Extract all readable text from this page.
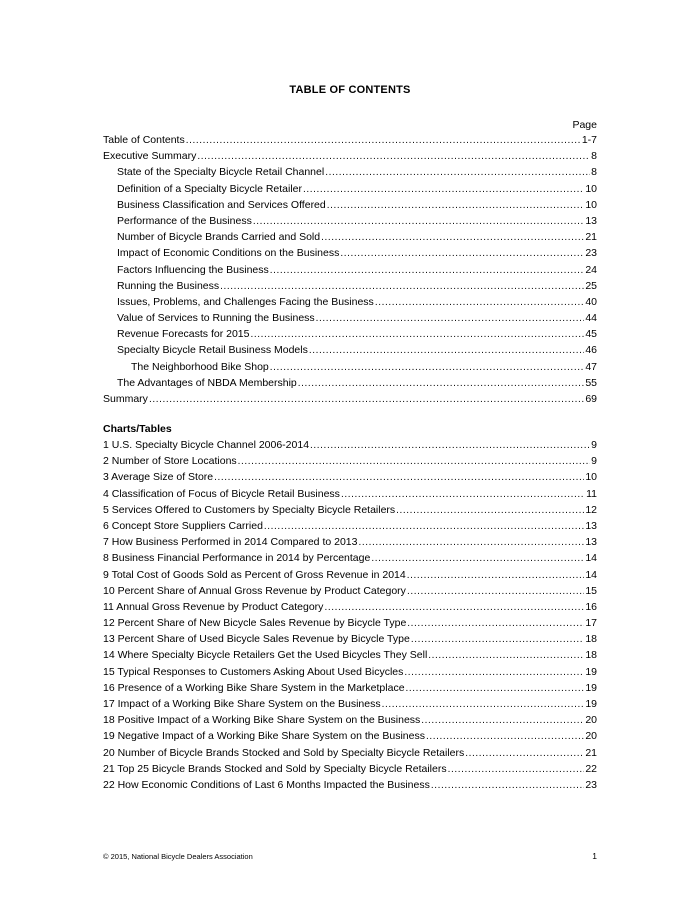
TABLE OF CONTENTS
Page
Table of Contents .....	1-7
Executive Summary .....	8
State of the Specialty Bicycle Retail Channel .....	8
Definition of a Specialty Bicycle Retailer .....	10
Business Classification and Services Offered .....	10
Performance of the Business .....	13
Number of Bicycle Brands Carried and Sold .....	21
Impact of Economic Conditions on the Business .....	23
Factors Influencing the Business .....	24
Running the Business .....	25
Issues, Problems, and Challenges Facing the Business .....	40
Value of Services to Running the Business .....	44
Revenue Forecasts for 2015 .....	45
Specialty Bicycle Retail Business Models .....	46
The Neighborhood Bike Shop .....	47
The Advantages of NBDA Membership .....	55
Summary .....	69
Charts/Tables
1 U.S. Specialty Bicycle Channel 2006-2014 .....	9
2 Number of Store Locations .....	9
3 Average Size of Store .....	10
4 Classification of Focus of Bicycle Retail Business .....	11
5 Services Offered to Customers by Specialty Bicycle Retailers .....	12
6 Concept Store Suppliers Carried .....	13
7 How Business Performed in 2014 Compared to 2013 .....	13
8 Business Financial Performance in 2014 by Percentage .....	14
9 Total Cost of Goods Sold as Percent of Gross Revenue in 2014 .....	14
10 Percent Share of Annual Gross Revenue by Product Category .....	15
11 Annual Gross Revenue by Product Category .....	16
12 Percent Share of New Bicycle Sales Revenue by Bicycle Type .....	17
13 Percent Share of Used Bicycle Sales Revenue by Bicycle Type .....	18
14 Where Specialty Bicycle Retailers Get the Used Bicycles They Sell .....	18
15 Typical Responses to Customers Asking About Used Bicycles .....	19
16 Presence of a Working Bike Share System in the Marketplace .....	19
17 Impact of a Working Bike Share System on the Business .....	19
18 Positive Impact of a Working Bike Share System on the Business .....	20
19 Negative Impact of a Working Bike Share System on the Business .....	20
20 Number of Bicycle Brands Stocked and Sold by Specialty Bicycle Retailers .....	21
21 Top 25 Bicycle Brands Stocked and Sold by Specialty Bicycle Retailers .....	22
22 How Economic Conditions of Last 6 Months Impacted the Business .....	23
© 2015, National Bicycle Dealers Association	1
